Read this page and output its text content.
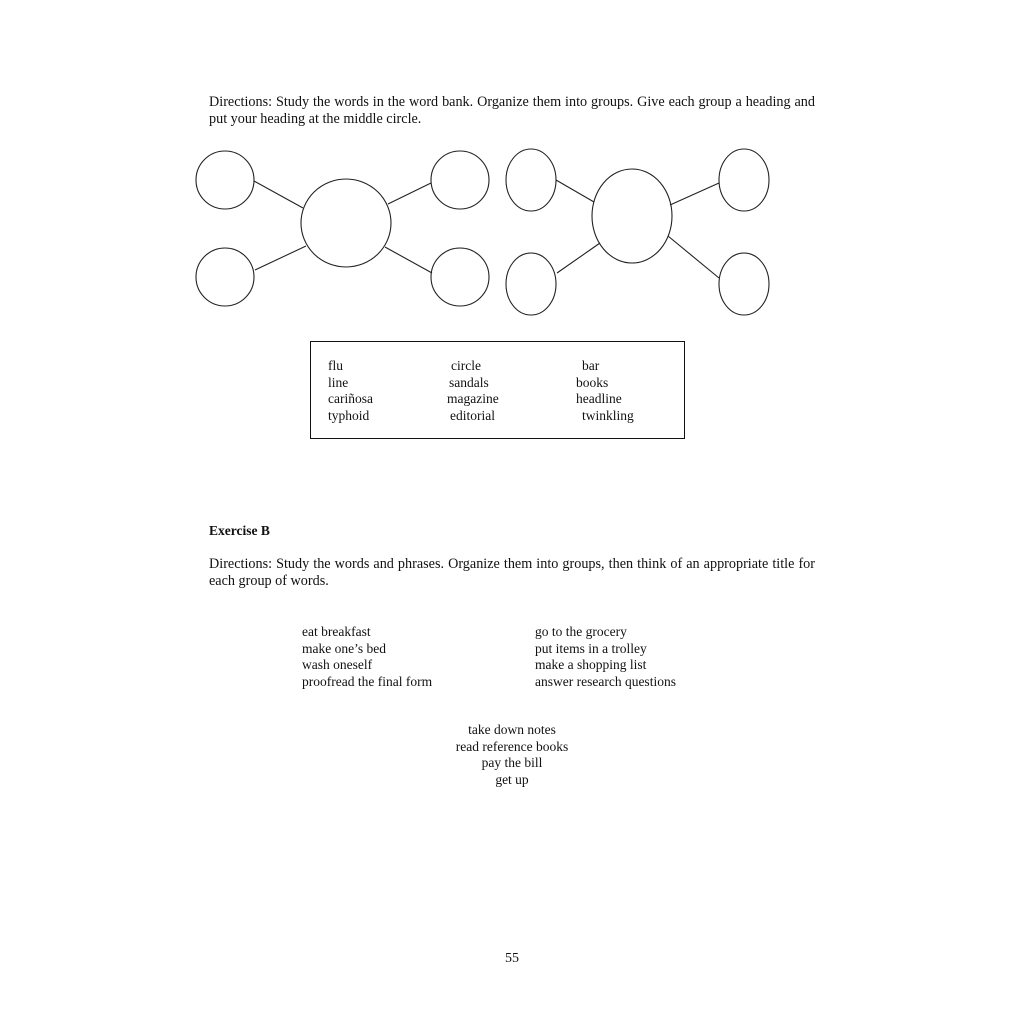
Directions: Study the words in the word bank. Organize them into groups. Give each group a heading and put your heading at the middle circle.
flu
line
cariñosa
typhoid
circle
sandals
magazine
editorial
bar
books
headline
twinkling
Exercise B
Directions: Study the words and phrases. Organize them into groups, then think of an appropriate title for each group of words.
eat breakfast
make one’s bed
wash oneself
proofread the final form
go to the grocery
put items in a trolley
make a shopping list
answer research questions
take down notes
read reference books
pay the bill
get up
55
